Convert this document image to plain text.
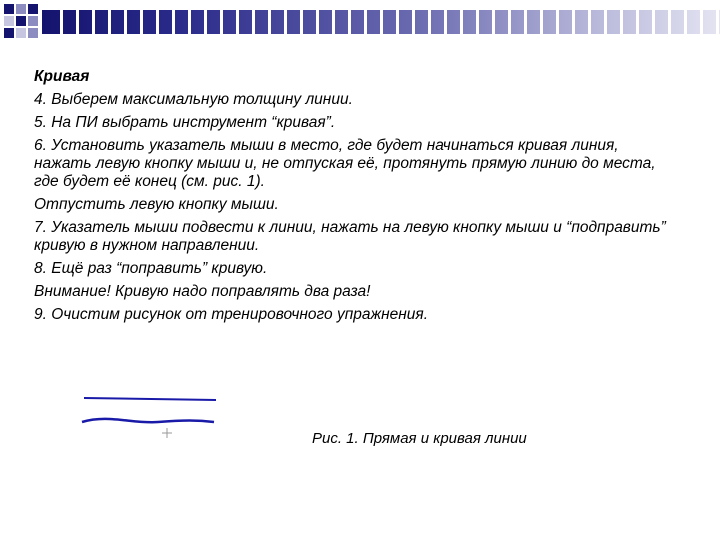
Кривая

4. Выберем максимальную толщину линии.

5. На ПИ выбрать инструмент “кривая”.

6. Установить указатель мыши в место, где будет начинаться кривая линия, нажать левую кнопку мыши и, не отпуская её, протянуть прямую линию до места, где будет её конец (см. рис. 1).

Отпустить левую кнопку мыши.

7. Указатель мыши подвести к линии, нажать на левую кнопку мыши и “подправить” кривую в нужном направлении.

8. Ещё раз “поправить” кривую.

Внимание! Кривую надо поправлять два раза!

9. Очистим рисунок от тренировочного упражнения.

Рис. 1. Прямая и кривая линии
